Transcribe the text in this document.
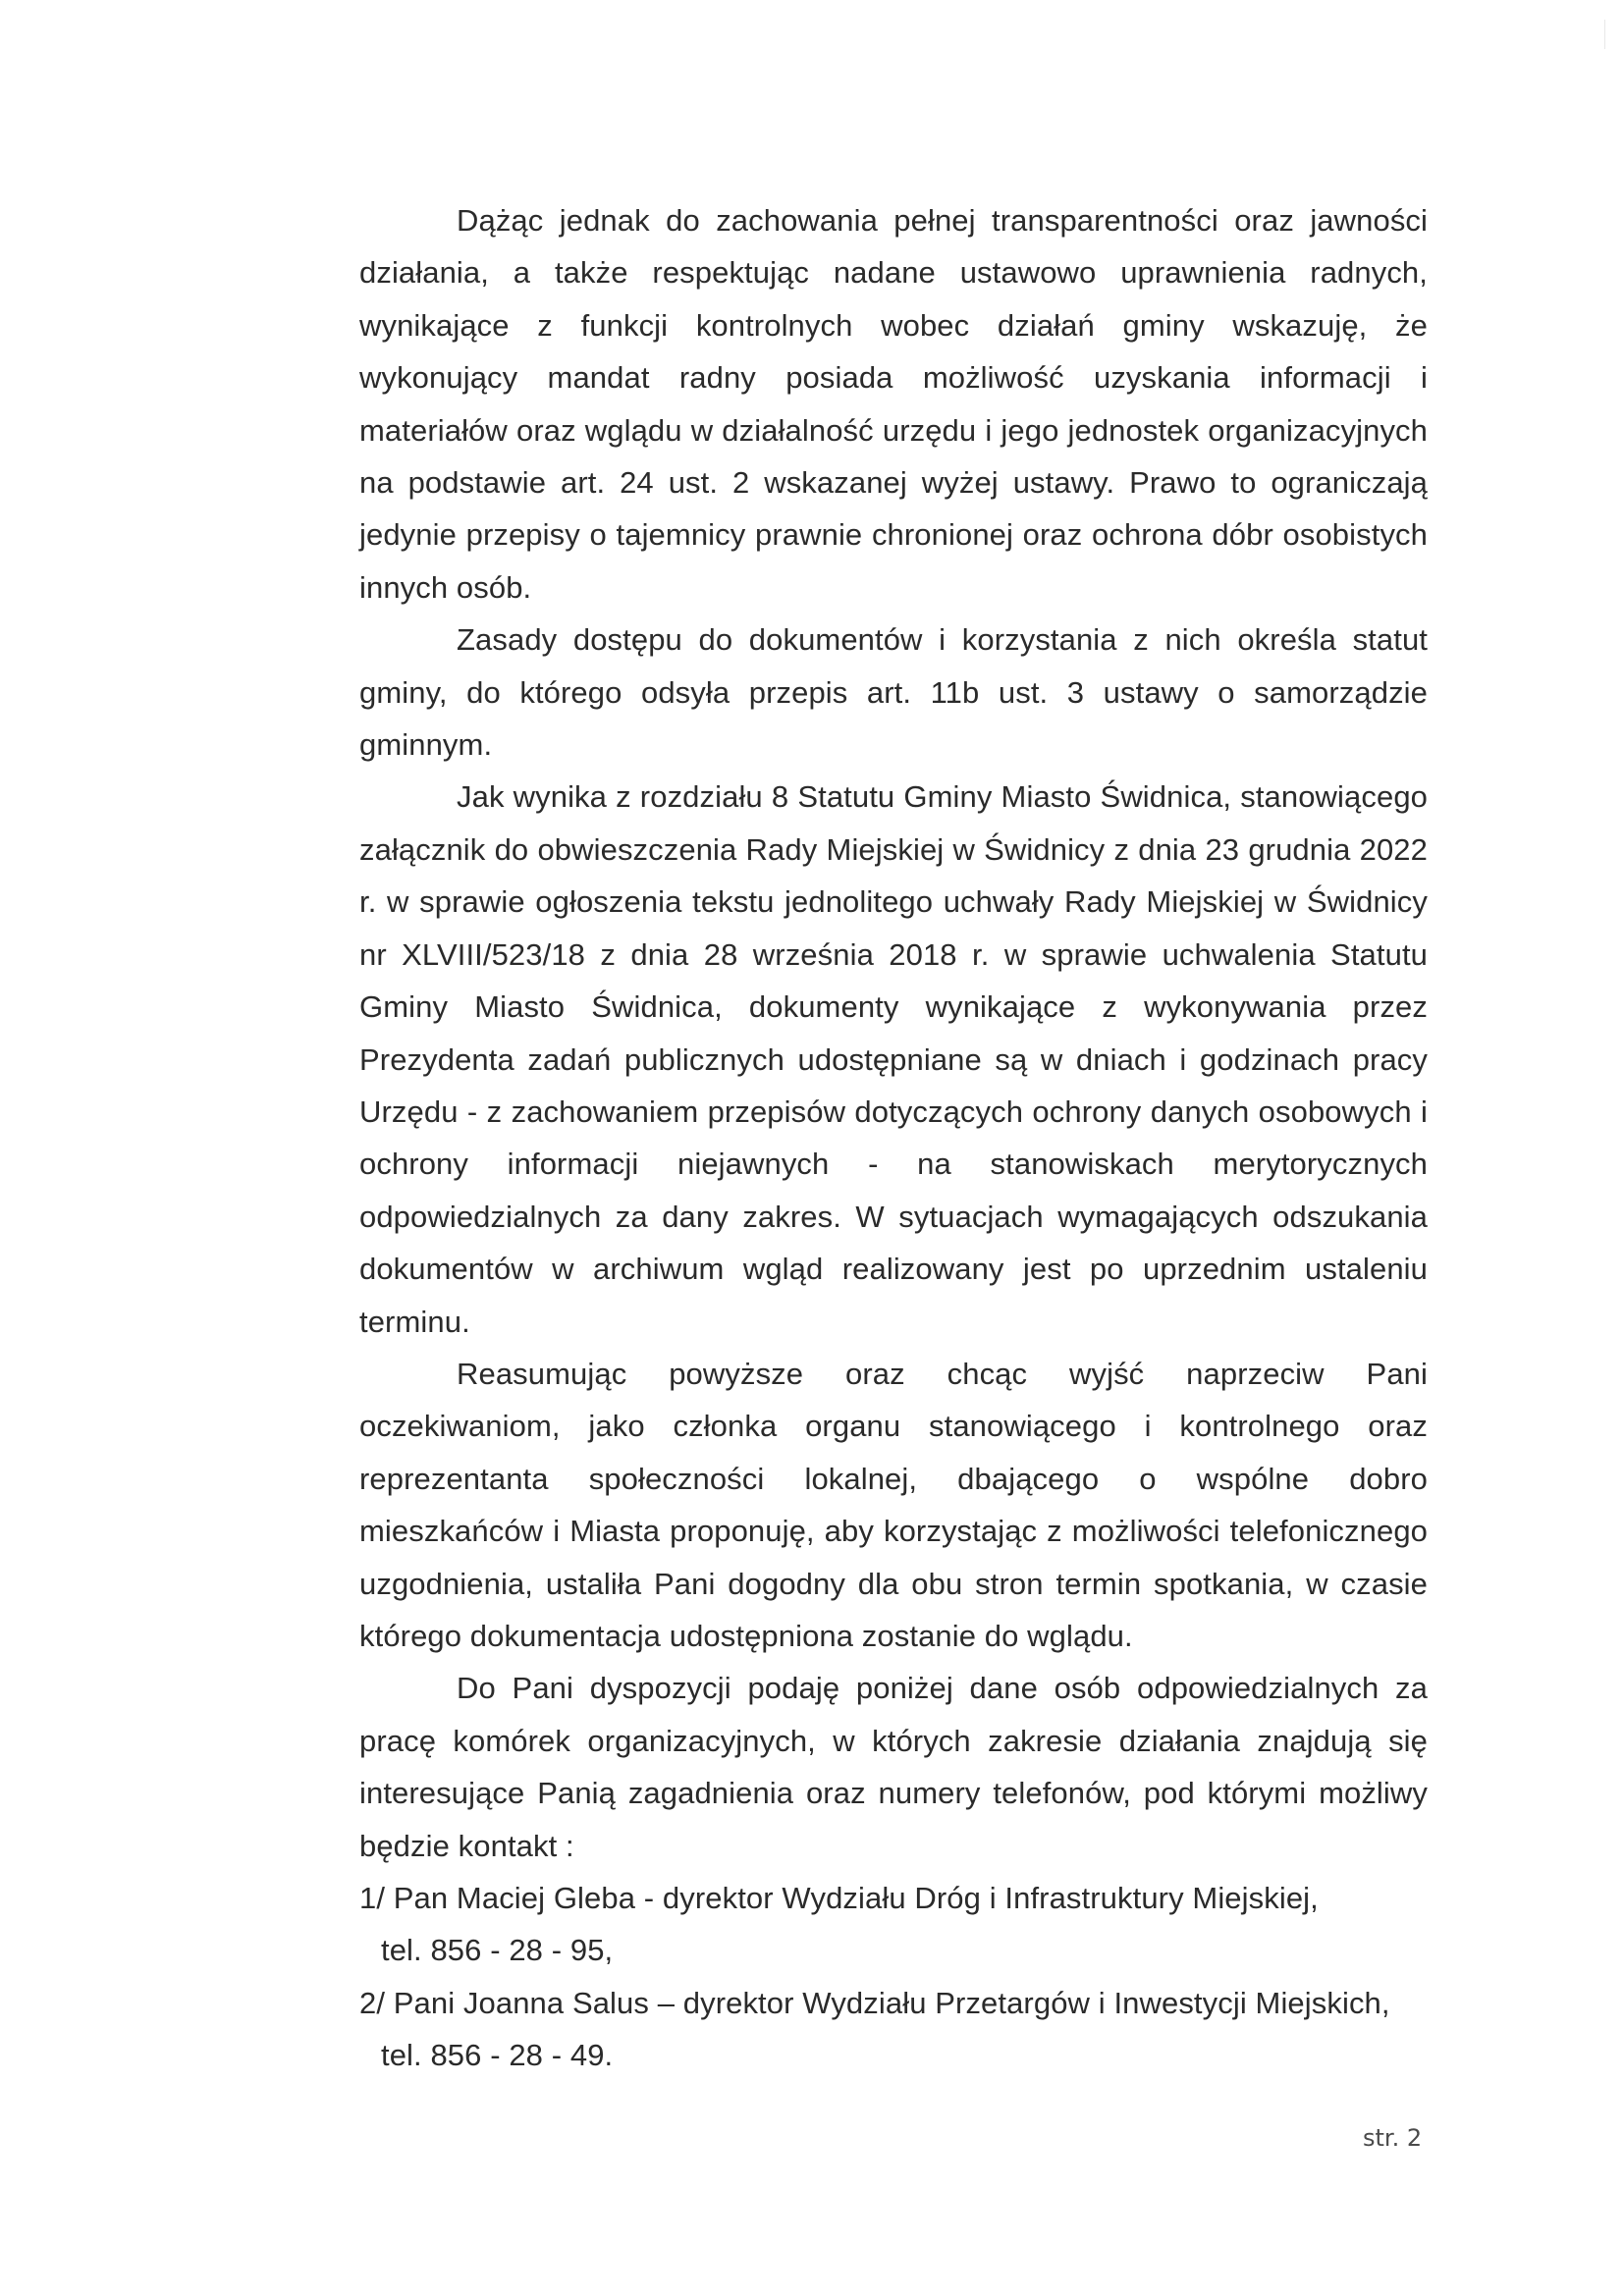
Dążąc jednak do zachowania pełnej transparentności oraz jawności działania, a także respektując nadane ustawowo uprawnienia radnych, wynikające z funkcji kontrolnych wobec działań gminy wskazuję, że wykonujący mandat radny posiada możliwość uzyskania informacji i materiałów oraz wglądu w działalność urzędu i jego jednostek organizacyjnych na podstawie art. 24 ust. 2 wskazanej wyżej ustawy. Prawo to ograniczają jedynie przepisy o tajemnicy prawnie chronionej oraz ochrona dóbr osobistych innych osób.

Zasady dostępu do dokumentów i korzystania z nich określa statut gminy, do którego odsyła przepis art. 11b ust. 3 ustawy o samorządzie gminnym.

Jak wynika z rozdziału 8 Statutu Gminy Miasto Świdnica, stanowiącego załącznik do obwieszczenia Rady Miejskiej w Świdnicy z dnia 23 grudnia 2022 r. w sprawie ogłoszenia tekstu jednolitego uchwały Rady Miejskiej w Świdnicy nr XLVIII/523/18 z dnia 28 września 2018 r. w sprawie uchwalenia Statutu Gminy Miasto Świdnica, dokumenty wynikające z wykonywania przez Prezydenta zadań publicznych udostępniane są w dniach i godzinach pracy Urzędu - z zachowaniem przepisów dotyczących ochrony danych osobowych i ochrony informacji niejawnych - na stanowiskach merytorycznych odpowiedzialnych za dany zakres. W sytuacjach wymagających odszukania dokumentów w archiwum wgląd realizowany jest po uprzednim ustaleniu terminu.

Reasumując powyższe oraz chcąc wyjść naprzeciw Pani oczekiwaniom, jako członka organu stanowiącego i kontrolnego oraz reprezentanta społeczności lokalnej, dbającego o wspólne dobro mieszkańców i Miasta proponuję, aby korzystając z możliwości telefonicznego uzgodnienia, ustaliła Pani dogodny dla obu stron termin spotkania, w czasie którego dokumentacja udostępniona zostanie do wglądu.

Do Pani dyspozycji podaję poniżej dane osób odpowiedzialnych za pracę komórek organizacyjnych, w których zakresie działania znajdują się interesujące Panią zagadnienia oraz numery telefonów, pod którymi możliwy będzie kontakt :

1/ Pan Maciej Gleba - dyrektor Wydziału Dróg i Infrastruktury Miejskiej,
tel. 856 - 28 - 95,
2/ Pani Joanna Salus – dyrektor Wydziału Przetargów i Inwestycji Miejskich,
tel. 856 - 28 - 49.
str. 2
